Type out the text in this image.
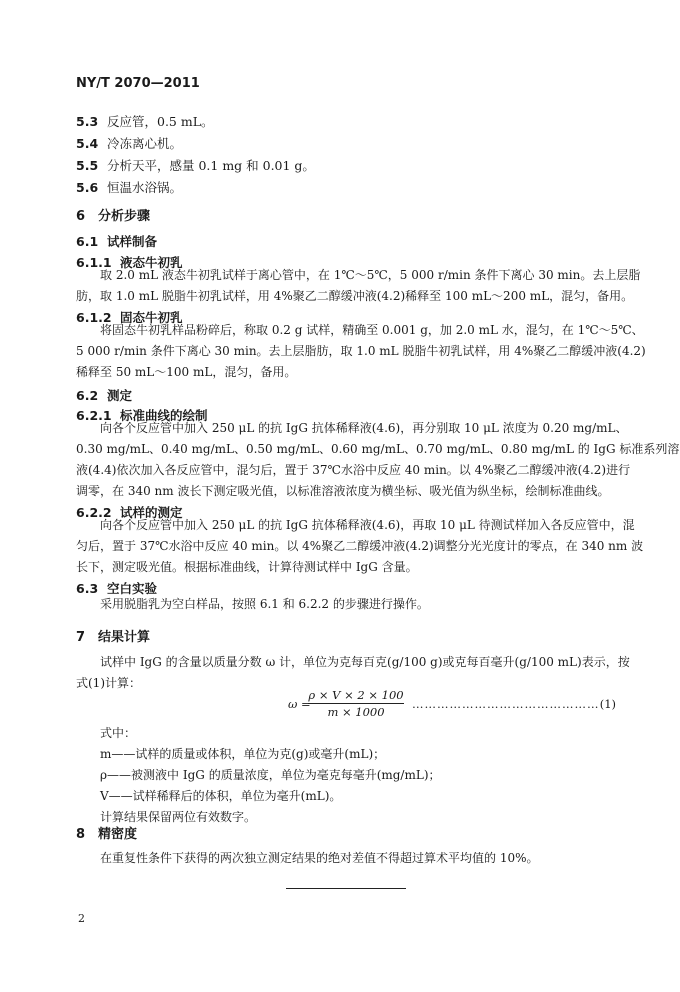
NY/T 2070—2011
5.3 反应管，0.5 mL。
5.4 冷冻离心机。
5.5 分析天平，感量 0.1 mg 和 0.01 g。
5.6 恒温水浴锅。
6 分析步骤
6.1 试样制备
6.1.1 液态牛初乳
取 2.0 mL 液态牛初乳试样于离心管中，在 1℃～5℃，5 000 r/min 条件下离心 30 min。去上层脂
肪，取 1.0 mL 脱脂牛初乳试样，用 4%聚乙二醇缓冲液(4.2)稀释至 100 mL～200 mL，混匀，备用。
6.1.2 固态牛初乳
将固态牛初乳样品粉碎后，称取 0.2 g 试样，精确至 0.001 g，加 2.0 mL 水，混匀，在 1℃～5℃、
5 000 r/min 条件下离心 30 min。去上层脂肪，取 1.0 mL 脱脂牛初乳试样，用 4%聚乙二醇缓冲液(4.2)
稀释至 50 mL～100 mL，混匀，备用。
6.2 测定
6.2.1 标准曲线的绘制
向各个反应管中加入 250 μL 的抗 IgG 抗体稀释液(4.6)，再分别取 10 μL 浓度为 0.20 mg/mL、
0.30 mg/mL、0.40 mg/mL、0.50 mg/mL、0.60 mg/mL、0.70 mg/mL、0.80 mg/mL 的 IgG 标准系列溶
液(4.4)依次加入各反应管中，混匀后，置于 37℃水浴中反应 40 min。以 4%聚乙二醇缓冲液(4.2)进行
调零，在 340 nm 波长下测定吸光值，以标准溶液浓度为横坐标、吸光值为纵坐标，绘制标准曲线。
6.2.2 试样的测定
向各个反应管中加入 250 μL 的抗 IgG 抗体稀释液(4.6)，再取 10 μL 待测试样加入各反应管中，混
匀后，置于 37℃水浴中反应 40 min。以 4%聚乙二醇缓冲液(4.2)调整分光光度计的零点，在 340 nm 波
长下，测定吸光值。根据标准曲线，计算待测试样中 IgG 含量。
6.3 空白实验
采用脱脂乳为空白样品，按照 6.1 和 6.2.2 的步骤进行操作。
7 结果计算
试样中 IgG 的含量以质量分数 ω 计，单位为克每百克(g/100 g)或克每百毫升(g/100 mL)表示，按
式(1)计算：
ω =
$\frac{\rho \times V \times 2 \times 100}{m \times 1000}$ ……………………………………… (1)
式中：
m——试样的质量或体积，单位为克(g)或毫升(mL)；
ρ——被测液中 IgG 的质量浓度，单位为毫克每毫升(mg/mL)；
V——试样稀释后的体积，单位为毫升(mL)。
计算结果保留两位有效数字。
8 精密度
在重复性条件下获得的两次独立测定结果的绝对差值不得超过算术平均值的 10%。
2
